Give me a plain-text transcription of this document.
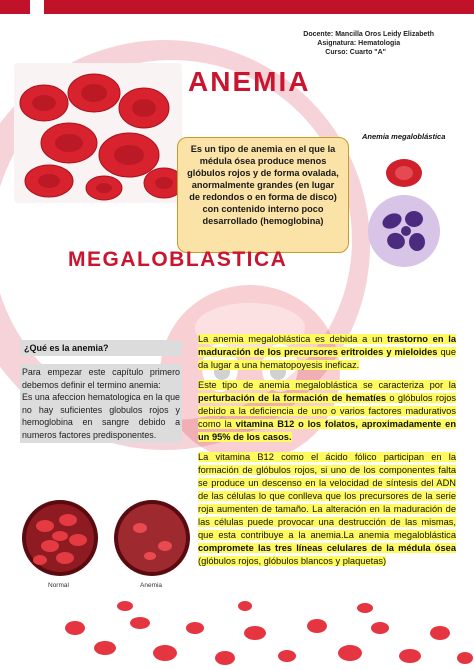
Docente: Mancilla Oros Leidy Elizabeth
Asignatura: Hematologia
Curso: Cuarto "A"
ANEMIA
Es un tipo de anemia en el que la médula ósea produce menos glóbulos rojos y de forma ovalada, anormalmente grandes (en lugar de redondos o en forma de disco) con contenido interno poco desarrollado (hemoglobina)
Anemia megaloblástica
MEGALOBLASTICA
¿Qué es la anemia?
Para empezar este capítulo primero debemos definir el termino anemia:
Es una afeccion hematologica en la que no hay suficientes globulos rojos y hemoglobina en sangre debido a numeros factores predisponentes.
Normal	Anemia

La anemia megaloblástica es debida a un trastorno en la maduración de los precursores eritroides y mieloides que da lugar a una hematopoyesis ineficaz.

Este tipo de anemia megaloblástica se caracteriza por la perturbación de la formación de hematíes o glóbulos rojos debido a la deficiencia de uno o varios factores madurativos como la vitamina B12 o los folatos, aproximadamente en un 95% de los casos.

La vitamina B12 como el ácido fólico participan en la formación de glóbulos rojos, si uno de los componentes falta se produce un descenso en la velocidad de síntesis del ADN de las células lo que conlleva que los precursores de la serie roja aumenten de tamaño. La alteración en la maduración de las células puede provocar una destrucción de las mismas, que esta contribuye a la anemia.La anemia megaloblástica compromete las tres líneas celulares de la médula ósea (glóbulos rojos, glóbulos blancos y plaquetas)
